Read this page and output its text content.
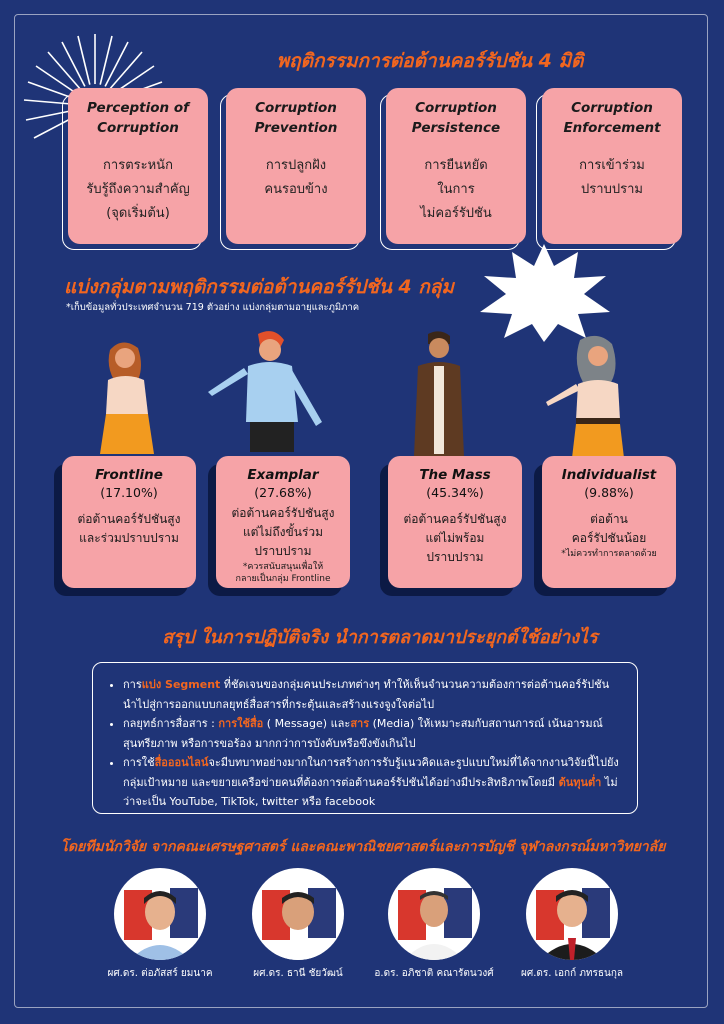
พฤติกรรมการต่อต้านคอร์รัปชัน 4 มิติ
Perception of Corruption
การตระหนัก
รับรู้ถึงความสำคัญ
(จุดเริ่มต้น)
Corruption Prevention
การปลูกฝัง
คนรอบข้าง
Corruption Persistence
การยืนหยัด
ในการ
ไม่คอร์รัปชัน
Corruption Enforcement
การเข้าร่วม
ปราบปราม
แบ่งกลุ่มตามพฤติกรรมต่อต้านคอร์รัปชัน 4 กลุ่ม
*เก็บข้อมูลทั่วประเทศจำนวน 719 ตัวอย่าง แบ่งกลุ่มตามอายุและภูมิภาค
Frontline
(17.10%)
ต่อต้านคอร์รัปชันสูง
และร่วมปราบปราม
Examplar
(27.68%)
ต่อต้านคอร์รัปชันสูง
แต่ไม่ถึงขั้นร่วม
ปราบปราม
*ควรสนับสนุนเพื่อให้
กลายเป็นกลุ่ม Frontline
The Mass
(45.34%)
ต่อต้านคอร์รัปชันสูง
แต่ไม่พร้อม
ปราบปราม
Individualist
(9.88%)
ต่อต้าน
คอร์รัปชันน้อย
*ไม่ควรทำการตลาดด้วย
สรุป ในการปฏิบัติจริง นำการตลาดมาประยุกต์ใช้อย่างไร
• การแบ่ง Segment ที่ชัดเจนของกลุ่มคนประเภทต่างๆ ทำให้เห็นจำนวนความต้องการต่อต้านคอร์รัปชัน นำไปสู่การออกแบบกลยุทธ์สื่อสารที่กระตุ้นและสร้างแรงจูงใจต่อไป
• กลยุทธ์การสื่อสาร : การใช้สื่อ ( Message) และสาร (Media) ให้เหมาะสมกับสถานการณ์ เน้นอารมณ์ สุนทรียภาพ หรือการขอร้อง มากกว่าการบังคับหรือขึงขังเกินไป
• การใช้สื่อออนไลน์จะมีบทบาทอย่างมากในการสร้างการรับรู้แนวคิดและรูปแบบใหม่ที่ได้จากงานวิจัยนี้ไปยังกลุ่มเป้าหมาย และขยายเครือข่ายคนที่ต้องการต่อต้านคอร์รัปชันได้อย่างมีประสิทธิภาพโดยมี ต้นทุนต่ำ ไม่ว่าจะเป็น YouTube, TikTok, twitter หรือ facebook
โดยทีมนักวิจัย จากคณะเศรษฐศาสตร์ และคณะพาณิชยศาสตร์และการบัญชี จุฬาลงกรณ์มหาวิทยาลัย
ผศ.ดร. ต่อภัสสร์ ยมนาค	ผศ.ดร. ธานี ชัยวัฒน์	อ.ดร. อภิชาติ คณารัตนวงศ์	ผศ.ดร. เอกก์ ภทรธนกุล
